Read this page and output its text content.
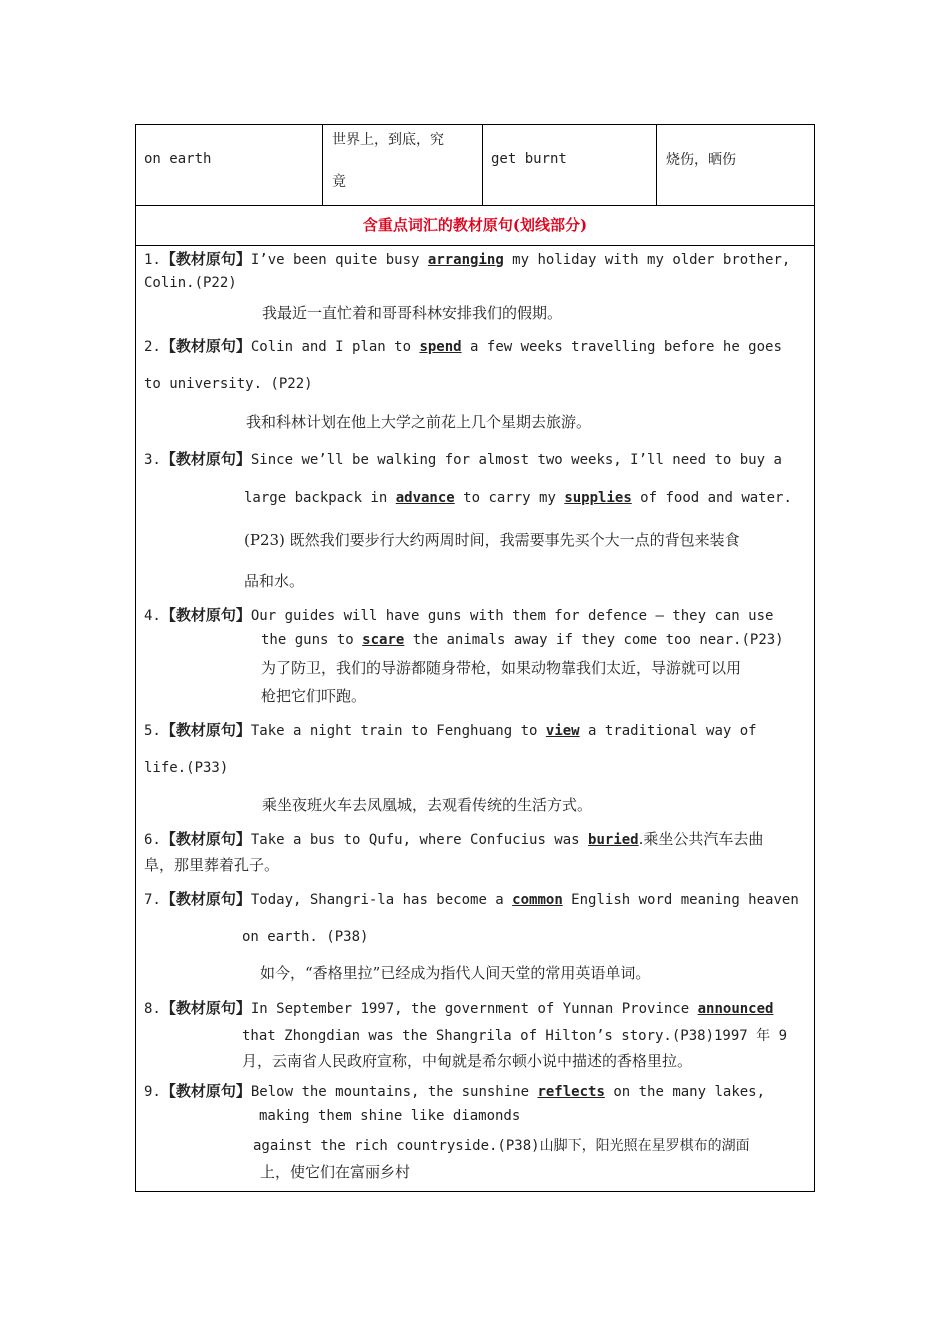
on earth
世界上，到底，究
竟
get burnt	烧伤，晒伤
含重点词汇的教材原句(划线部分)
1.【教材原句】I’ve been quite busy arranging my holiday with my older brother,
Colin.(P22)
我最近一直忙着和哥哥科林安排我们的假期。
2.【教材原句】Colin and I plan to spend a few weeks travelling before he goes
to university. (P22)
我和科林计划在他上大学之前花上几个星期去旅游。
3.【教材原句】Since we’ll be walking for almost two weeks, I’ll need to buy a
large backpack in advance to carry my supplies of food and water.
(P23) 既然我们要步行大约两周时间，我需要事先买个大一点的背包来装食
品和水。
4.【教材原句】Our guides will have guns with them for defence — they can use
the guns to scare the animals away if they come too near.(P23)
为了防卫，我们的导游都随身带枪，如果动物靠我们太近，导游就可以用
枪把它们吓跑。
5.【教材原句】Take a night train to Fenghuang to view a traditional way of
life.(P33)
乘坐夜班火车去凤凰城，去观看传统的生活方式。
6.【教材原句】Take a bus to Qufu, where Confucius was buried.乘坐公共汽车去曲
阜，那里葬着孔子。
7.【教材原句】Today, Shangri-la has become a common English word meaning heaven
on earth. (P38)
如今，“香格里拉”已经成为指代人间天堂的常用英语单词。
8.【教材原句】In September 1997, the government of Yunnan Province announced
that Zhongdian was the Shangrila of Hilton’s story.(P38)1997 年 9
月，云南省人民政府宣称，中甸就是希尔顿小说中描述的香格里拉。
9.【教材原句】Below the mountains, the sunshine reflects on the many lakes,
making them shine like diamonds
against the rich countryside.(P38)山脚下，阳光照在星罗棋布的湖面
上，使它们在富丽乡村
